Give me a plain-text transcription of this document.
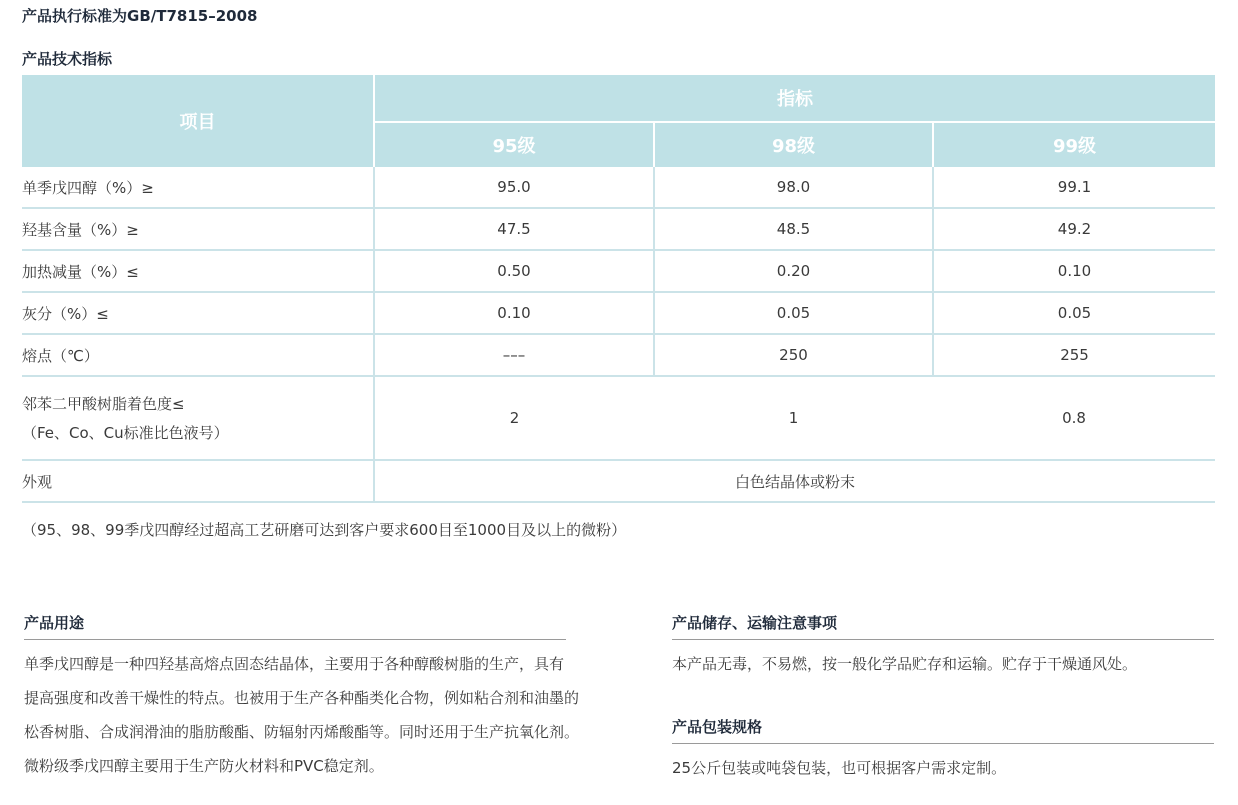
产品执行标准为GB/T7815–2008
产品技术指标
项目	指标		
	95级	98级	99级
单季戊四醇（%）≥	95.0	98.0	99.1
羟基含量（%）≥	47.5	48.5	49.2
加热减量（%）≤	0.50	0.20	0.10
灰分（%）≤	0.10	0.05	0.05
熔点（℃）	–––	250	255
邻苯二甲酸树脂着色度≤
（Fe、Co、Cu标准比色液号）	2	1	0.8
外观	白色结晶体或粉末		
（95、98、99季戊四醇经过超高工艺研磨可达到客户要求600目至1000目及以上的微粉）
产品用途
单季戊四醇是一种四羟基高熔点固态结晶体，主要用于各种醇酸树脂的生产，具有
提高强度和改善干燥性的特点。也被用于生产各种酯类化合物，例如粘合剂和油墨的
松香树脂、合成润滑油的脂肪酸酯、防辐射丙烯酸酯等。同时还用于生产抗氧化剂。
微粉级季戊四醇主要用于生产防火材料和PVC稳定剂。
产品储存、运输注意事项
本产品无毒，不易燃，按一般化学品贮存和运输。贮存于干燥通风处。
产品包装规格
25公斤包装或吨袋包装，也可根据客户需求定制。
